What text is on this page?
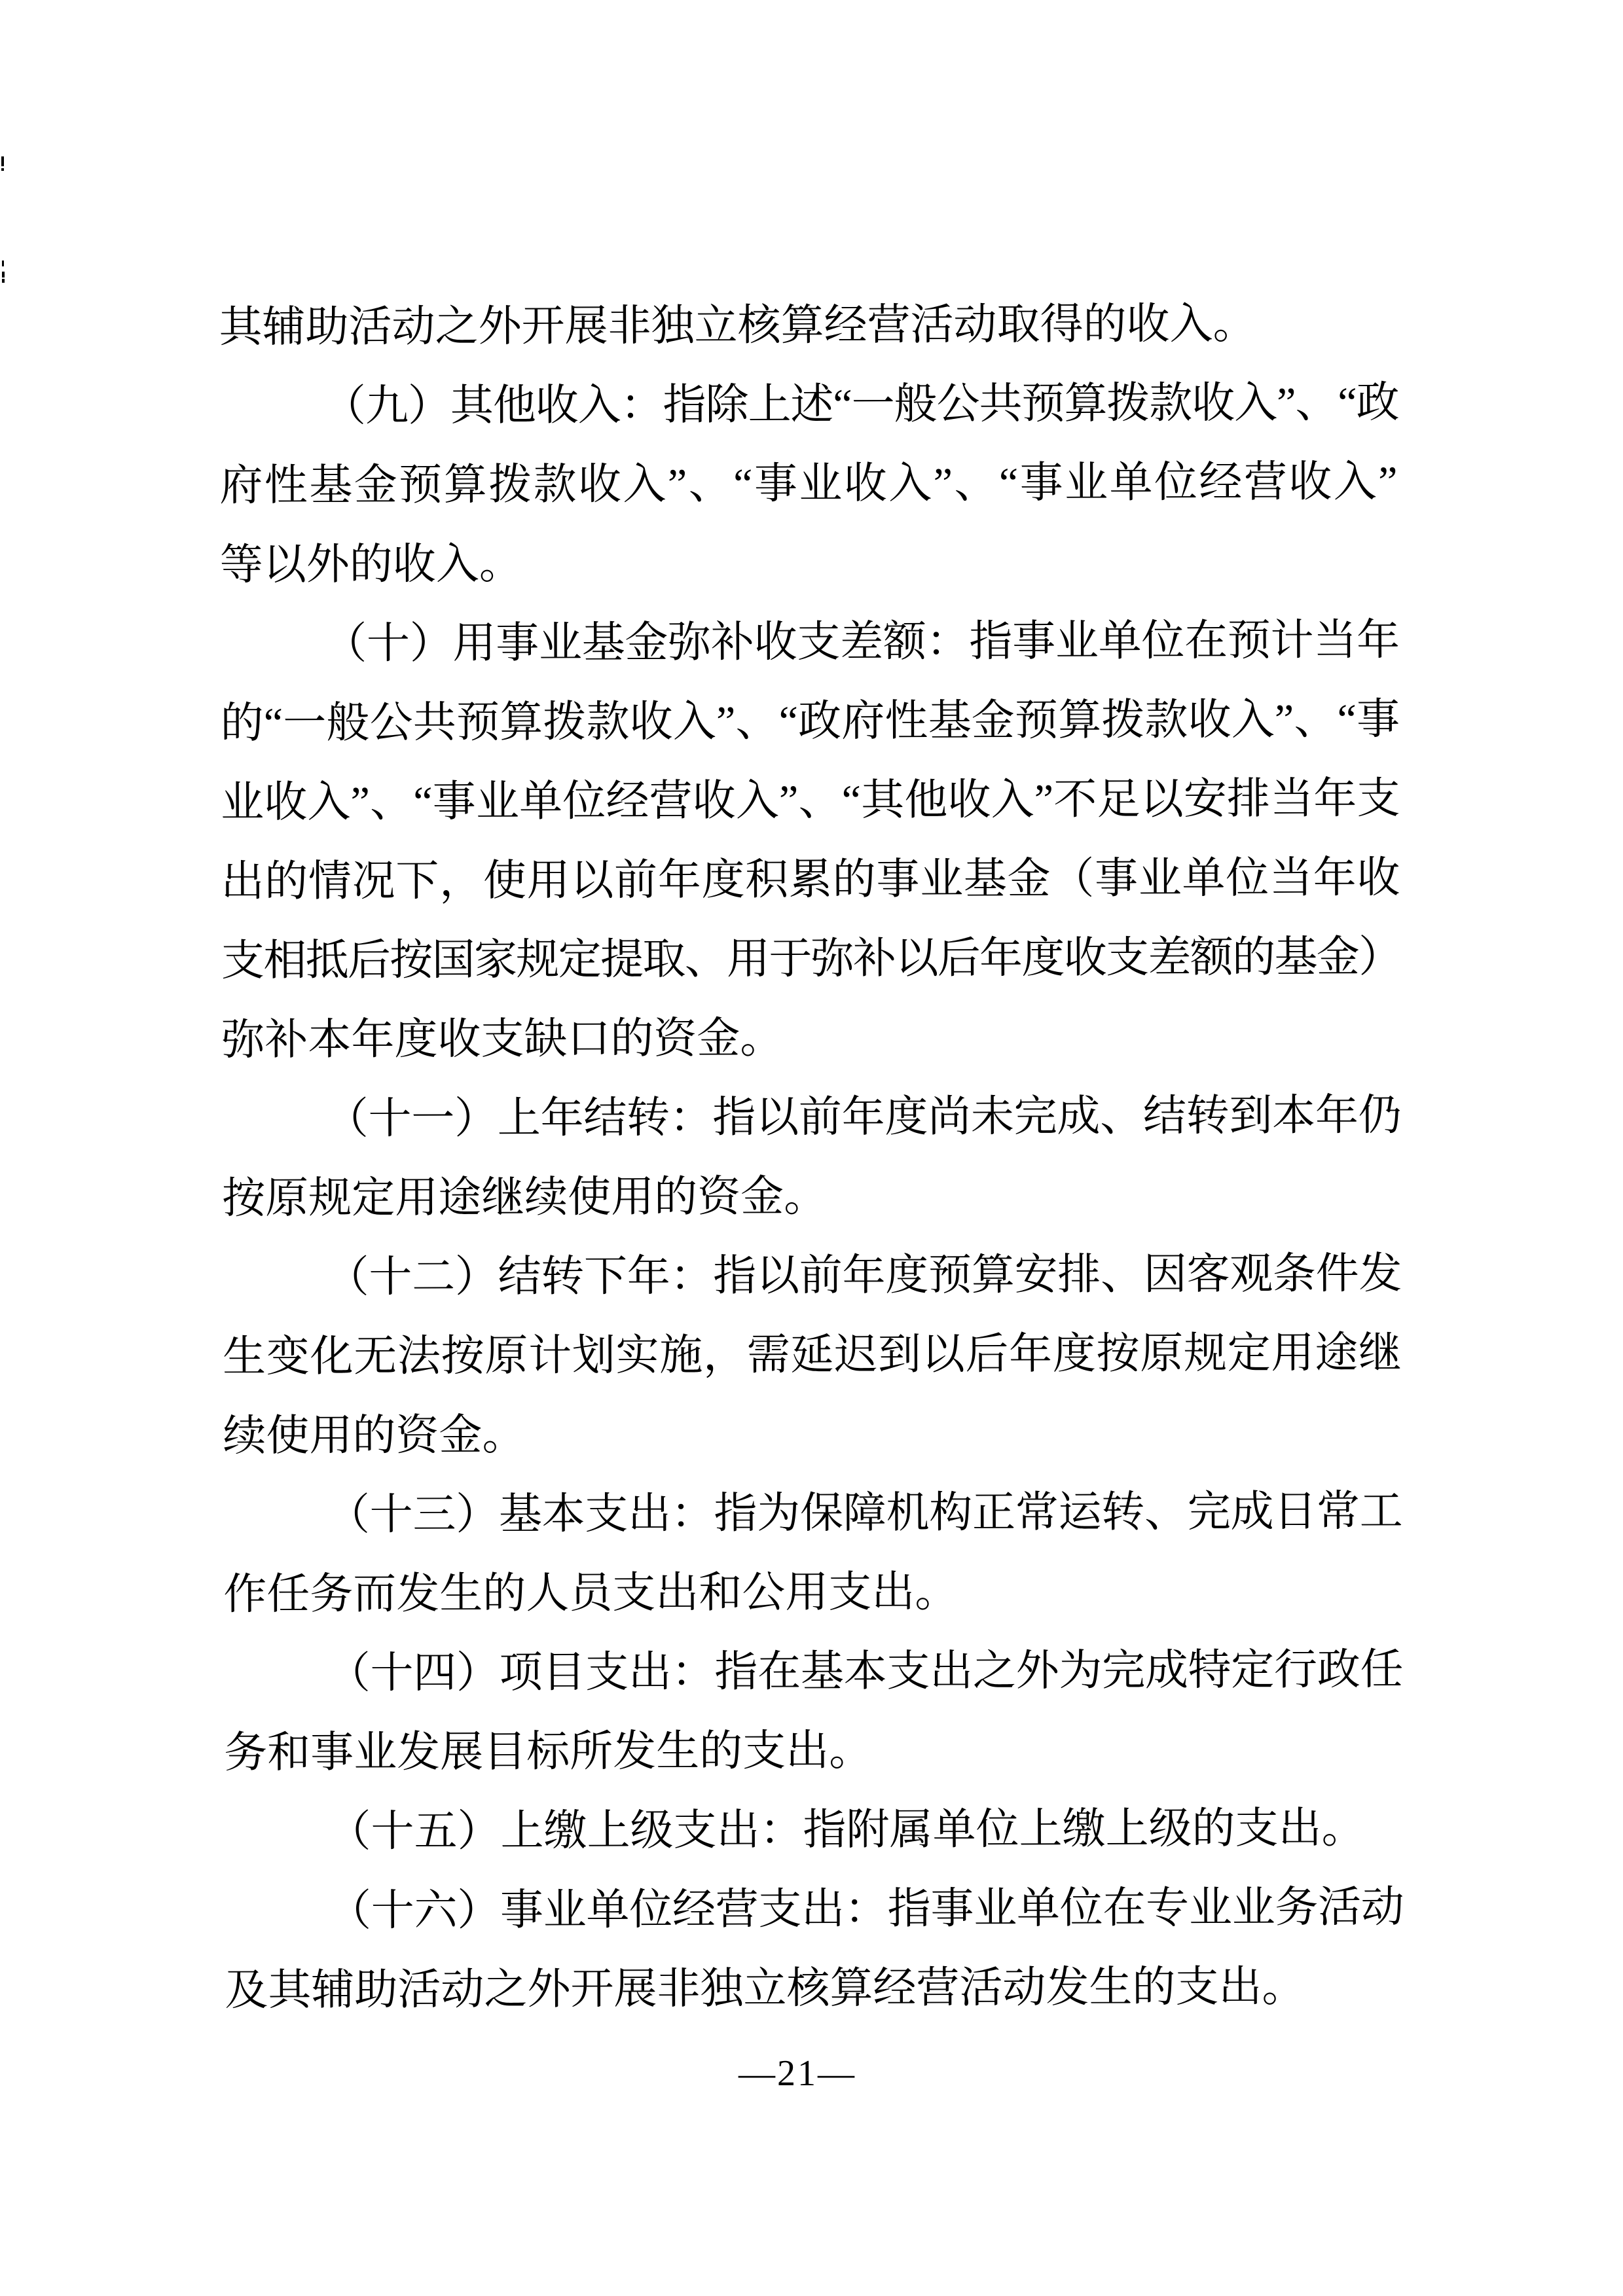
其辅助活动之外开展非独立核算经营活动取得的收入。
（九）其他收入：指除上述“一般公共预算拨款收入”、“政
府性基金预算拨款收入”、“事业收入”、“事业单位经营收入”
等以外的收入。
（十）用事业基金弥补收支差额：指事业单位在预计当年
的“一般公共预算拨款收入”、“政府性基金预算拨款收入”、“事
业收入”、“事业单位经营收入”、“其他收入”不足以安排当年支
出的情况下，使用以前年度积累的事业基金（事业单位当年收
支相抵后按国家规定提取、用于弥补以后年度收支差额的基金）
弥补本年度收支缺口的资金。
（十一）上年结转：指以前年度尚未完成、结转到本年仍
按原规定用途继续使用的资金。
（十二）结转下年：指以前年度预算安排、因客观条件发
生变化无法按原计划实施，需延迟到以后年度按原规定用途继
续使用的资金。
（十三）基本支出：指为保障机构正常运转、完成日常工
作任务而发生的人员支出和公用支出。
（十四）项目支出：指在基本支出之外为完成特定行政任
务和事业发展目标所发生的支出。
（十五）上缴上级支出：指附属单位上缴上级的支出。
（十六）事业单位经营支出：指事业单位在专业业务活动
及其辅助活动之外开展非独立核算经营活动发生的支出。
—21—
